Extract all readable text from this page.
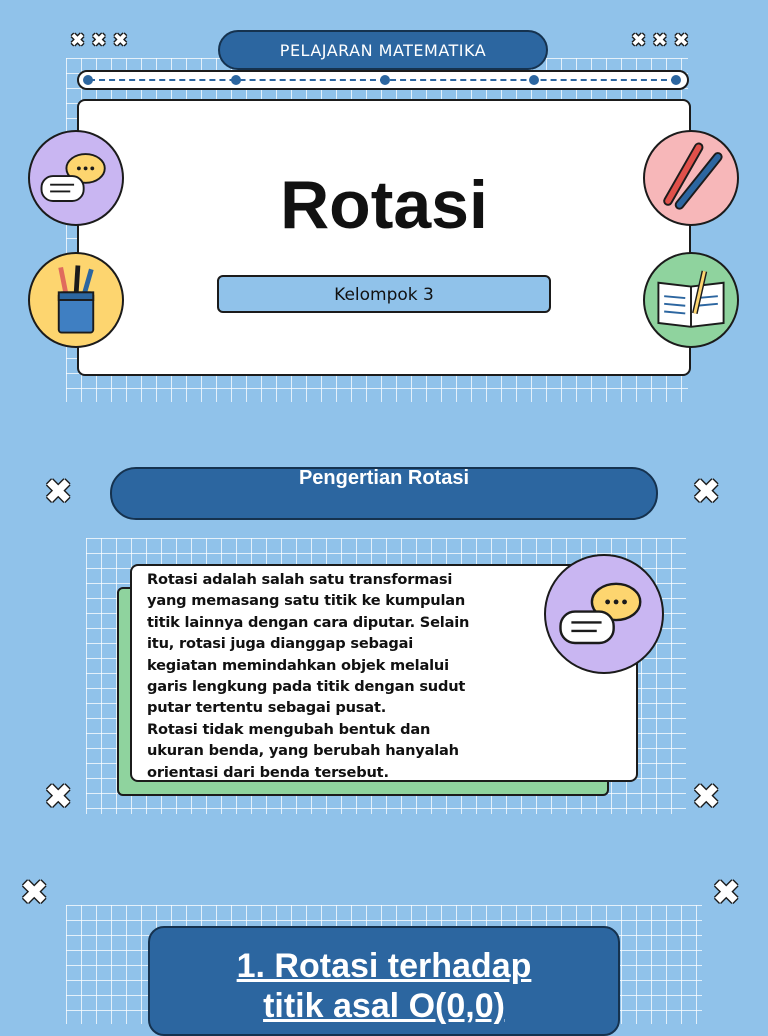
✖ ✖ ✖	✖ ✖ ✖
PELAJARAN MATEMATIKA
Rotasi
Kelompok 3
✖	✖
Pengertian Rotasi
Rotasi adalah salah satu transformasi
yang memasang satu titik ke kumpulan
titik lainnya dengan cara diputar. Selain
itu, rotasi juga dianggap sebagai
kegiatan memindahkan objek melalui
garis lengkung pada titik dengan sudut
putar tertentu sebagai pusat.
Rotasi tidak mengubah bentuk dan
ukuran benda, yang berubah hanyalah
orientasi dari benda tersebut.
✖	✖
✖	✖
1. Rotasi terhadap
titik asal O(0,0)
